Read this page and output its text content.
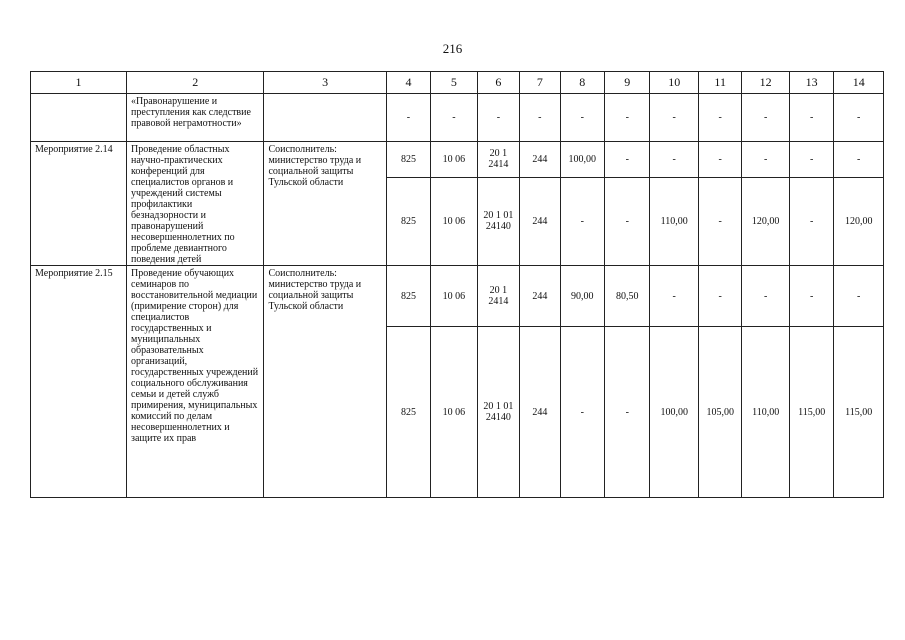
216
1	2	3	4	5	6	7	8	9	10	11	12	13	14
	«Правонарушение и преступления как следствие правовой неграмотности»		-	-	-	-	-	-	-	-	-	-	-
Мероприятие 2.14	Проведение областных научно-практических конференций для специалистов органов и учреждений системы профилактики безнадзорности и правонарушений несовершеннолетних по проблеме девиантного поведения детей	Соисполнитель: министерство труда и социальной защиты Тульской области	825	10 06	20 1 2414	244	100,00	-	-	-	-	-	-
			825	10 06	20 1 01 24140	244	-	-	110,00	-	120,00	-	120,00
Мероприятие 2.15	Проведение обучающих семинаров по восстановительной медиации (примирение сторон) для специалистов государственных и муниципальных образовательных организаций, государственных учреждений социального обслуживания семьи и детей служб примирения, муниципальных комиссий по делам несовершеннолетних и защите их прав	Соисполнитель: министерство труда и социальной защиты Тульской области	825	10 06	20 1 2414	244	90,00	80,50	-	-	-	-	-
			825	10 06	20 1 01 24140	244	-	-	100,00	105,00	110,00	115,00	115,00
